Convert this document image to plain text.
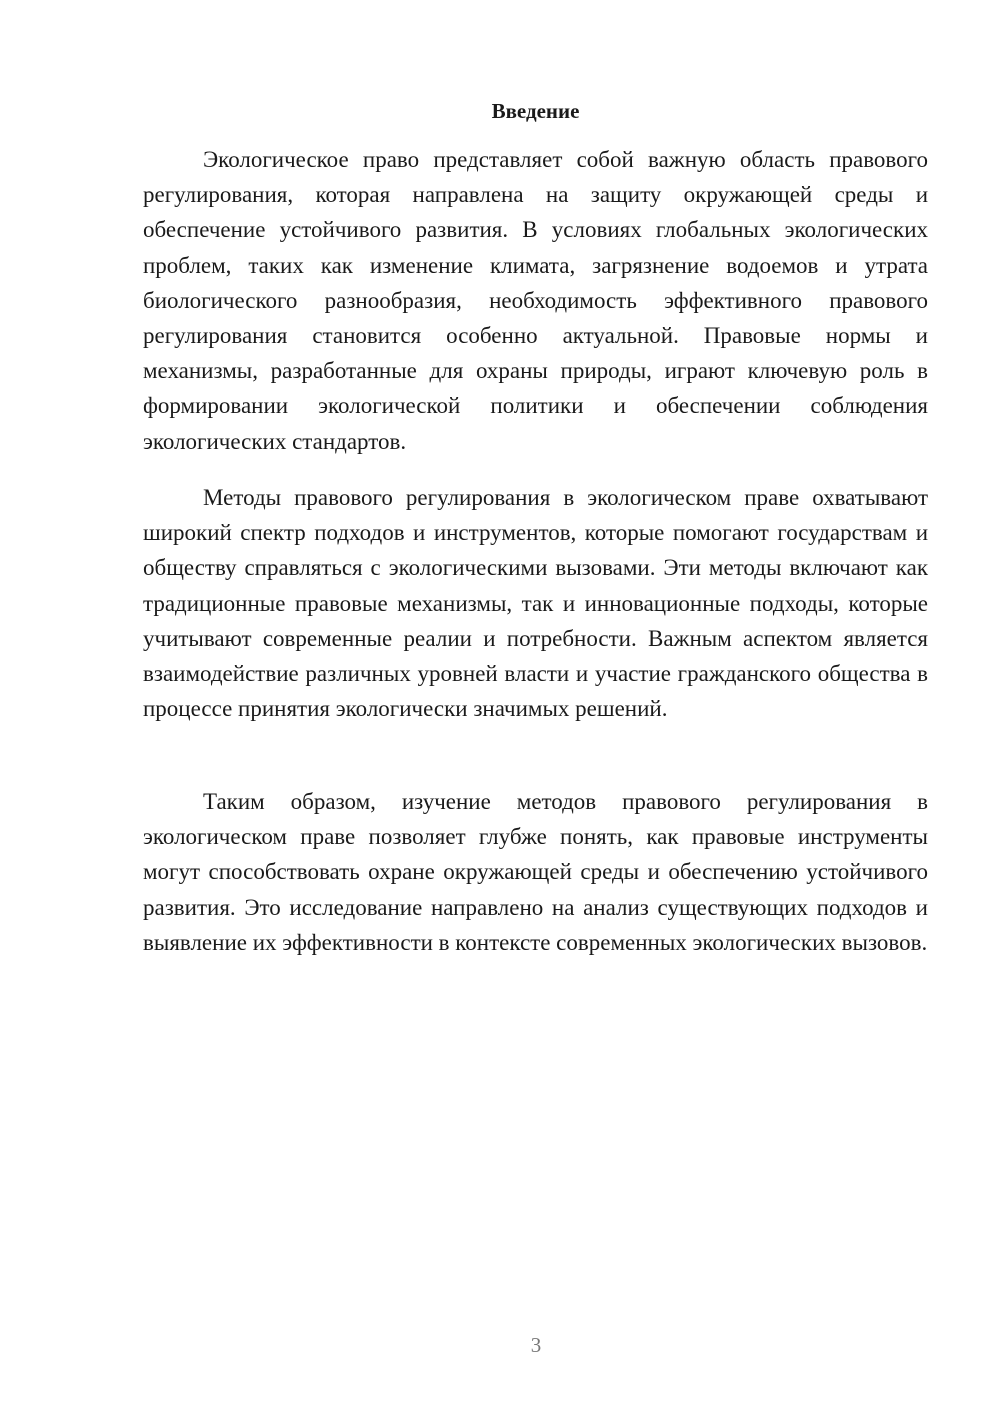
Введение

Экологическое право представляет собой важную область правового регулирования, которая направлена на защиту окружающей среды и обеспечение устойчивого развития. В условиях глобальных экологических проблем, таких как изменение климата, загрязнение водоемов и утрата биологического разнообразия, необходимость эффективного правового регулирования становится особенно актуальной. Правовые нормы и механизмы, разработанные для охраны природы, играют ключевую роль в формировании экологической политики и обеспечении соблюдения экологических стандартов.

Методы правового регулирования в экологическом праве охватывают широкий спектр подходов и инструментов, которые помогают государствам и обществу справляться с экологическими вызовами. Эти методы включают как традиционные правовые механизмы, так и инновационные подходы, которые учитывают современные реалии и потребности. Важным аспектом является взаимодействие различных уровней власти и участие гражданского общества в процессе принятия экологически значимых решений.

Таким образом, изучение методов правового регулирования в экологическом праве позволяет глубже понять, как правовые инструменты могут способствовать охране окружающей среды и обеспечению устойчивого развития. Это исследование направлено на анализ существующих подходов и выявление их эффективности в контексте современных экологических вызовов.

3
